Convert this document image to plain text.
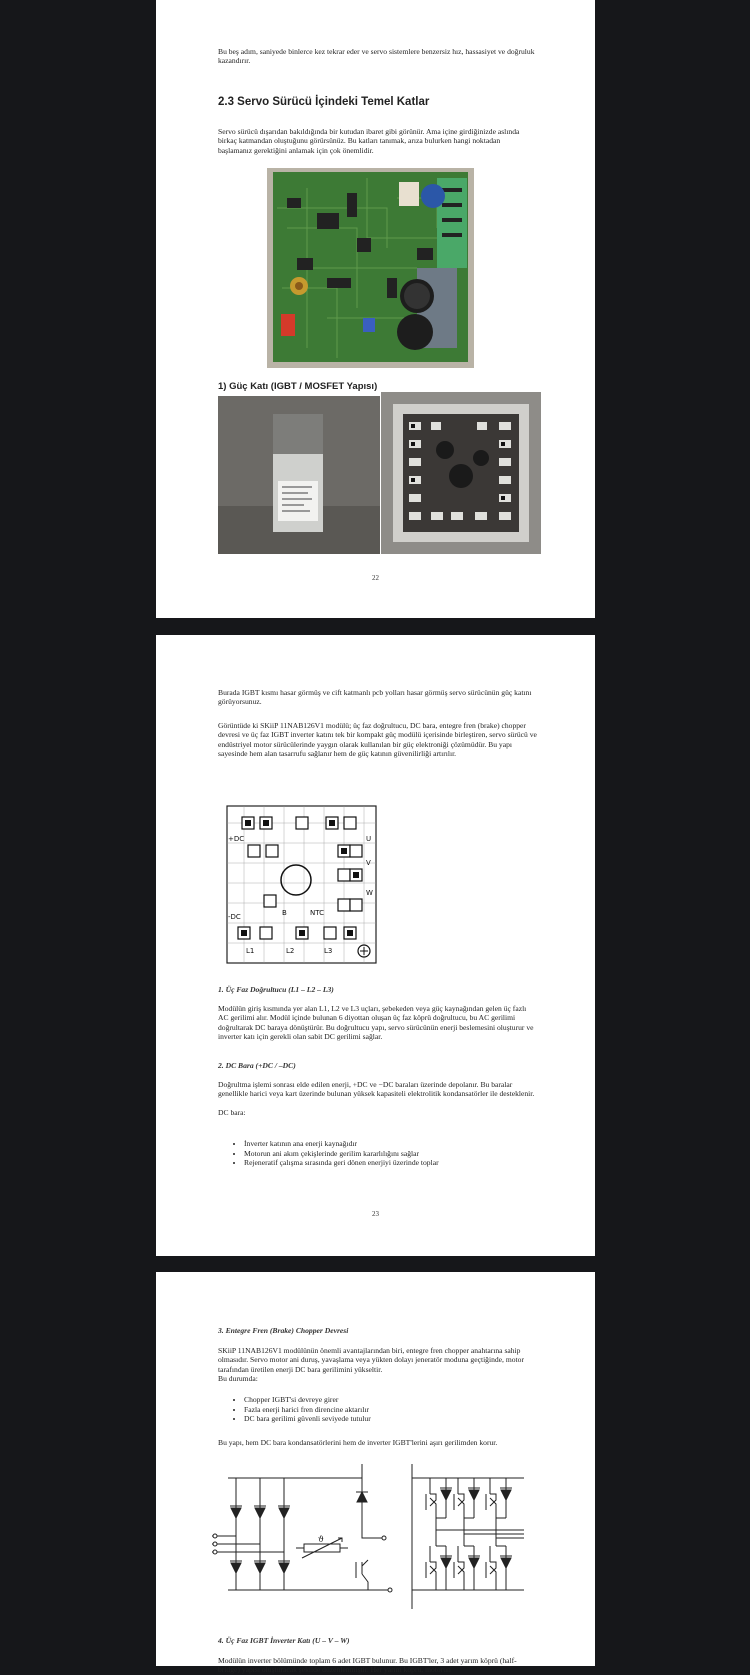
Bu beş adım, saniyede binlerce kez tekrar eder ve servo sistemlere benzersiz hız, hassasiyet ve doğruluk kazandırır.

2.3 Servo Sürücü İçindeki Temel Katlar

Servo sürücü dışarıdan bakıldığında bir kutudan ibaret gibi görünür. Ama içine girdiğinizde aslında birkaç katmandan oluştuğunu görürsünüz. Bu katları tanımak, arıza bulurken hangi noktadan başlamanız gerektiğini anlamak için çok önemlidir.

1) Güç Katı (IGBT / MOSFET Yapısı)
22

Burada IGBT kısmı hasar görmüş ve cift katmanlı pcb yolları hasar görmüş servo sürücünün güç katını görüyorsunuz.

Görüntüde ki SKiiP 11NAB126V1 modülü; üç faz doğrultucu, DC bara, entegre fren (brake) chopper devresi ve üç faz IGBT inverter katını tek bir kompakt güç modülü içerisinde birleştiren, servo sürücü ve endüstriyel motor sürücülerinde yaygın olarak kullanılan bir güç elektroniği çözümüdür. Bu yapı sayesinde hem alan tasarrufu sağlanır hem de güç katının güvenilirliği artırılır.

L1	L2	L3
+DC
-DC
U
V
W
B	NTC
1. Üç Faz Doğrultucu (L1 – L2 – L3)

Modülün giriş kısmında yer alan L1, L2 ve L3 uçları, şebekeden veya güç kaynağından gelen üç fazlı AC gerilimi alır. Modül içinde bulunan 6 diyottan oluşan üç faz köprü doğrultucu, bu AC gerilimi doğrultarak DC baraya dönüştürür. Bu doğrultucu yapı, servo sürücünün enerji beslemesini oluşturur ve inverter katı için gerekli olan sabit DC gerilimi sağlar.

2. DC Bara (+DC / –DC)

Doğrultma işlemi sonrası elde edilen enerji, +DC ve −DC baraları üzerinde depolanır. Bu baralar genellikle harici veya kart üzerinde bulunan yüksek kapasiteli elektrolitik kondansatörler ile desteklenir.

DC bara:

• İnverter katının ana enerji kaynağıdır
• Motorun ani akım çekişlerinde gerilim kararlılığını sağlar
• Rejeneratif çalışma sırasında geri dönen enerjiyi üzerinde toplar
23
3. Entegre Fren (Brake) Chopper Devresi

SKiiP 11NAB126V1 modülünün önemli avantajlarından biri, entegre fren chopper anahtarına sahip olmasıdır. Servo motor ani duruş, yavaşlama veya yükten dolayı jeneratör moduna geçtiğinde, motor tarafından üretilen enerji DC bara gerilimini yükseltir.

Bu durumda:

• Chopper IGBT'si devreye girer
• Fazla enerji harici fren direncine aktarılır
• DC bara gerilimi güvenli seviyede tutulur

Bu yapı, hem DC bara kondansatörlerini hem de inverter IGBT'lerini aşırı gerilimden korur.

ϑ
4. Üç Faz IGBT İnverter Katı (U – V – W)

Modülün inverter bölümünde toplam 6 adet IGBT bulunur. Bu IGBT'ler, 3 adet yarım köprü (half-bridge) yapısı oluşturacak şekilde düzenlenmiştir. Her yarım köprü, motorun
